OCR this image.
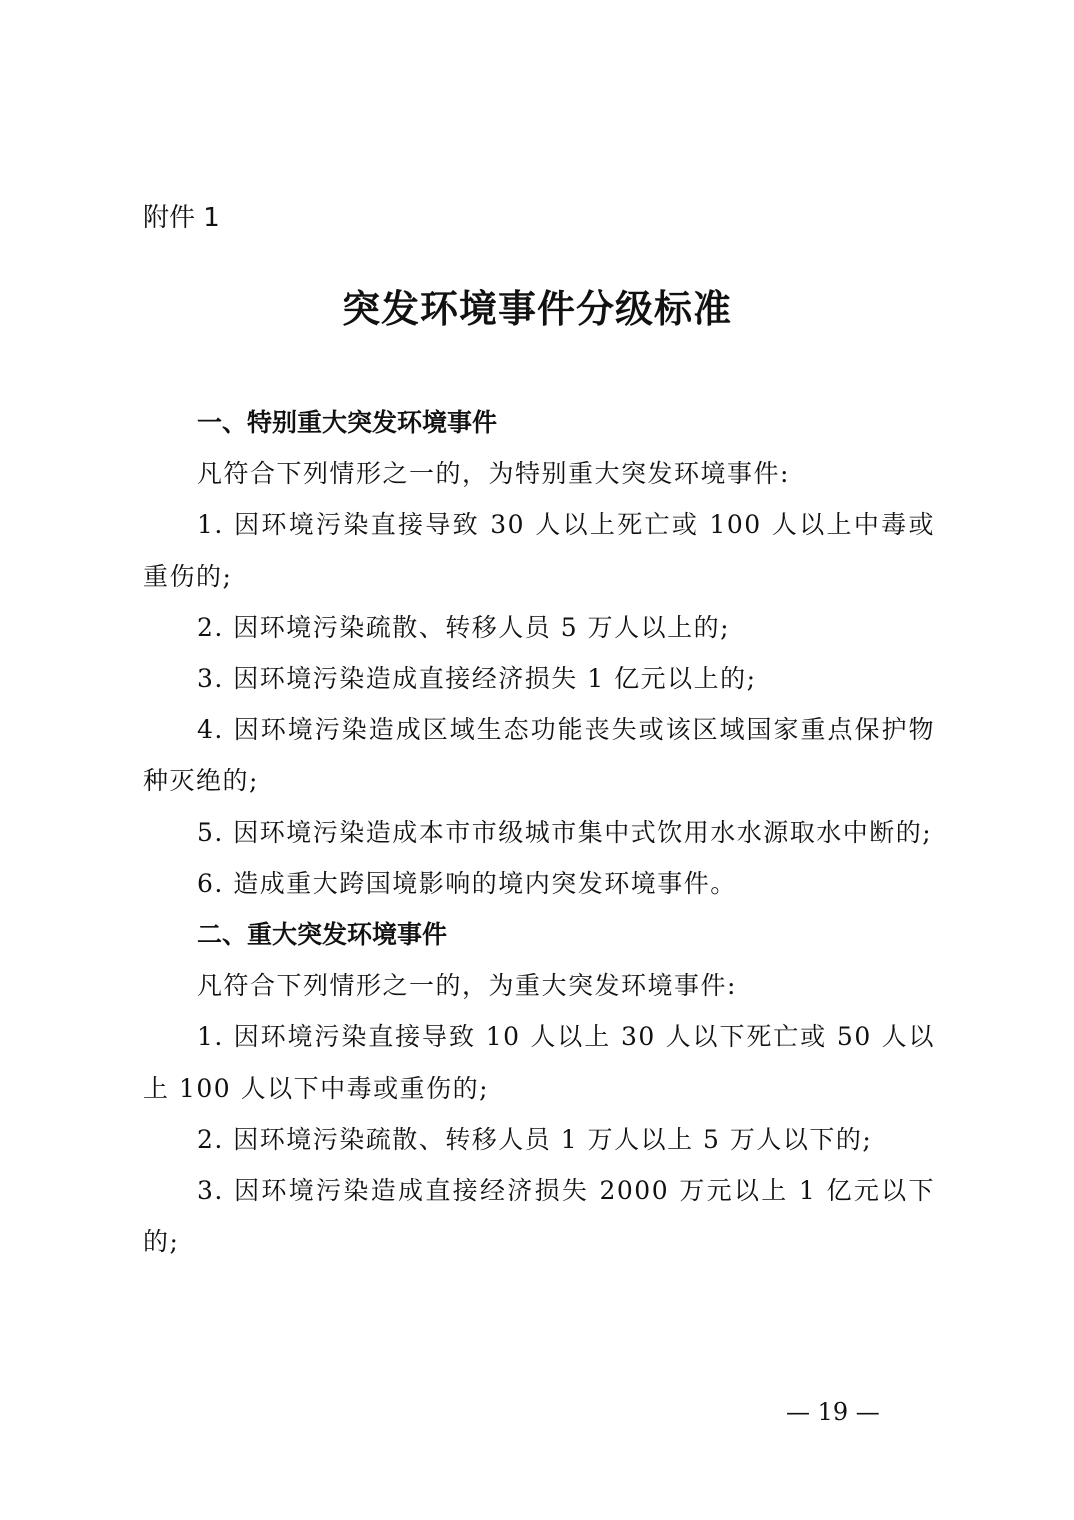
附件 1
突发环境事件分级标准
一、特别重大突发环境事件

凡符合下列情形之一的，为特别重大突发环境事件:

1. 因环境污染直接导致 30 人以上死亡或 100 人以上中毒或重伤的;

2. 因环境污染疏散、转移人员 5 万人以上的;

3. 因环境污染造成直接经济损失 1 亿元以上的;

4. 因环境污染造成区域生态功能丧失或该区域国家重点保护物种灭绝的;

5. 因环境污染造成本市市级城市集中式饮用水水源取水中断的;

6. 造成重大跨国境影响的境内突发环境事件。

二、重大突发环境事件

凡符合下列情形之一的，为重大突发环境事件:

1. 因环境污染直接导致 10 人以上 30 人以下死亡或 50 人以上 100 人以下中毒或重伤的;

2. 因环境污染疏散、转移人员 1 万人以上 5 万人以下的;

3. 因环境污染造成直接经济损失 2000 万元以上 1 亿元以下的;

— 19 —
